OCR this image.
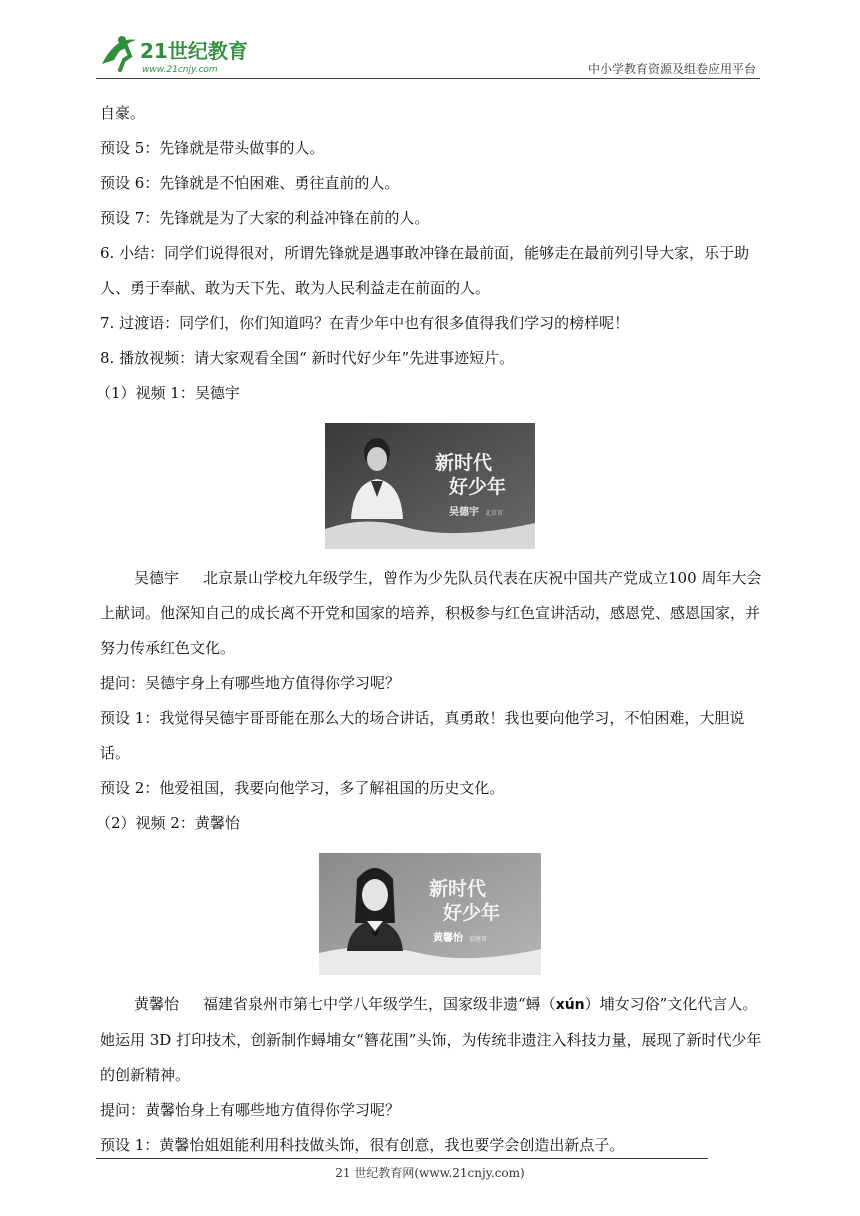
21世纪教育
www.21cnjy.com	中小学教育资源及组卷应用平台

自豪。

预设 5：先锋就是带头做事的人。

预设 6：先锋就是不怕困难、勇往直前的人。

预设 7：先锋就是为了大家的利益冲锋在前的人。

6. 小结：同学们说得很对，所谓先锋就是遇事敢冲锋在最前面，能够走在最前列引导大家，乐于助人、勇于奉献、敢为天下先、敢为人民利益走在前面的人。

7. 过渡语：同学们，你们知道吗？在青少年中也有很多值得我们学习的榜样呢！

8. 播放视频：请大家观看全国“ 新时代好少年”先进事迹短片。

（1）视频 1：吴德宇

新时代
好少年
吴德宇 北京市

吴德宇 北京景山学校九年级学生，曾作为少先队员代表在庆祝中国共产党成立100 周年大会上献词。他深知自己的成长离不开党和国家的培养，积极参与红色宣讲活动，感恩党、感恩国家，并努力传承红色文化。

提问：吴德宇身上有哪些地方值得你学习呢？

预设 1：我觉得吴德宇哥哥能在那么大的场合讲话，真勇敢！我也要向他学习，不怕困难，大胆说话。

预设 2：他爱祖国，我要向他学习，多了解祖国的历史文化。

（2）视频 2：黄馨怡

新时代
好少年
黄馨怡 福建省

黄馨怡 福建省泉州市第七中学八年级学生，国家级非遗“蟳（xún）埔女习俗”文化代言人。她运用 3D 打印技术，创新制作蟳埔女“簪花围”头饰，为传统非遗注入科技力量，展现了新时代少年的创新精神。

提问：黄馨怡身上有哪些地方值得你学习呢？

预设 1：黄馨怡姐姐能利用科技做头饰，很有创意，我也要学会创造出新点子。

21 世纪教育网(www.21cnjy.com)
